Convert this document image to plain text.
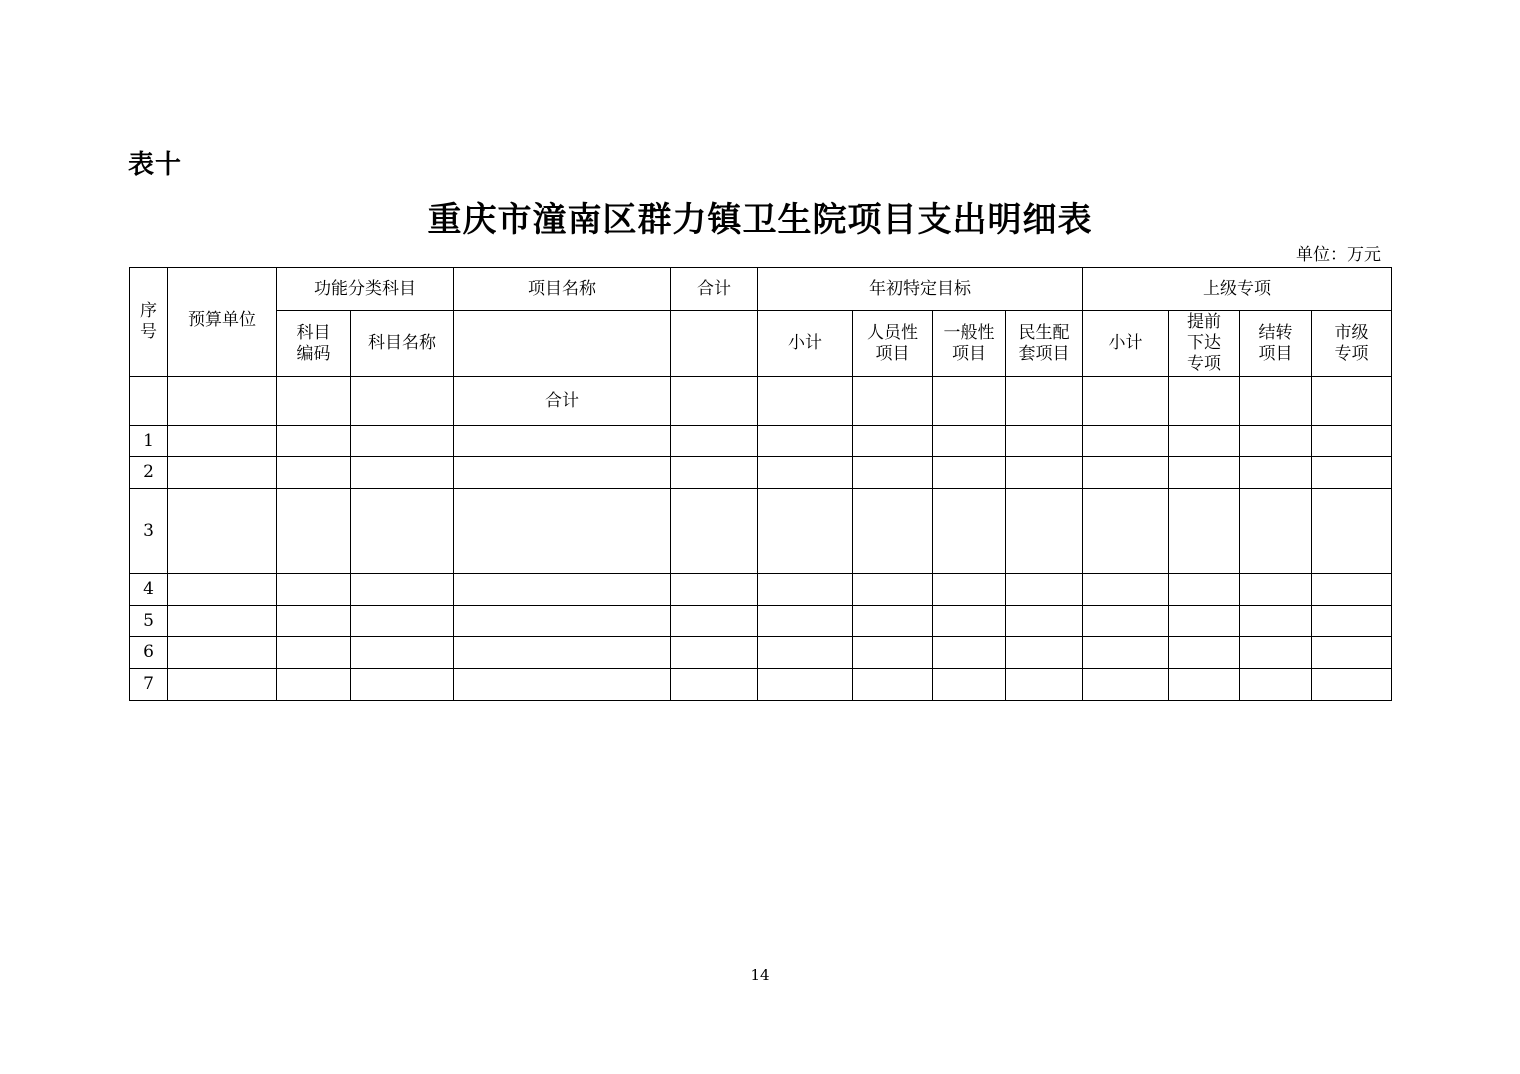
表十
重庆市潼南区群力镇卫生院项目支出明细表
单位：万元
序号	预算单位	功能分类科目		项目名称	合计	年初特定目标				上级专项			

		科目编码	科目名称			小计	人员性项目	一般性项目	民生配套项目	小计	提前下达专项	结转项目	市级专项

				合计									
1													
2													
3													
4													
5													
6													
7													
14
